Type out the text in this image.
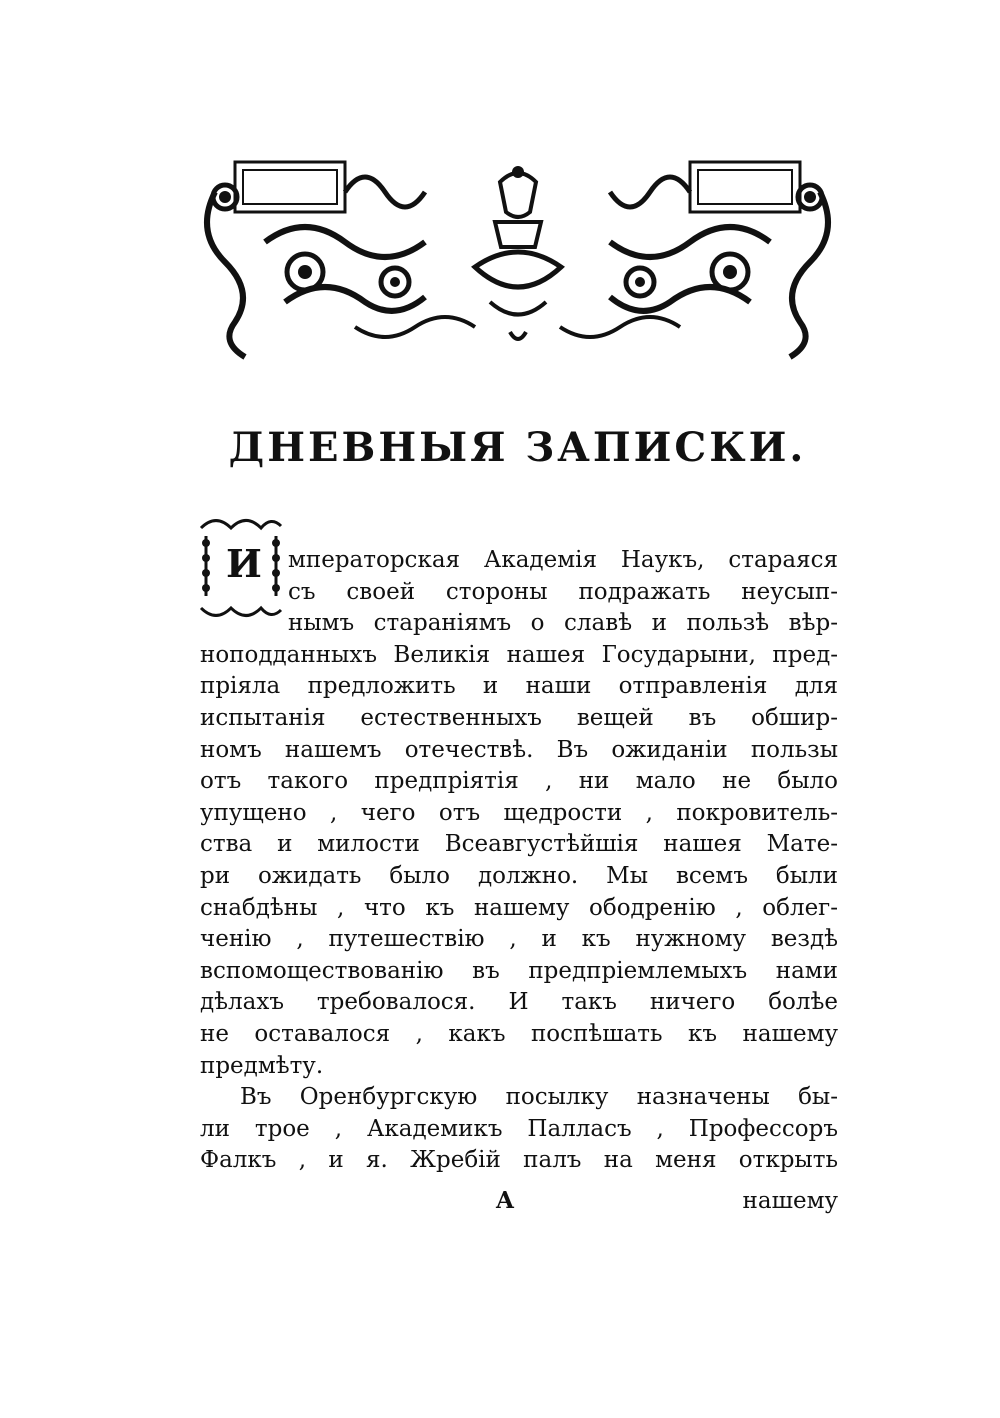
ДНЕВНЫЯ ЗАПИСКИ.
И	мператорская Академія Наукъ, стараяся
съ своей стороны подражать неусып-
нымъ стараніямъ о славѣ и пользѣ вѣр-
ноподданныхъ Великія нашея Государыни, пред-
пріяла предложить и наши отправленія для
испытанія естественныхъ вещей въ обшир-
номъ нашемъ отечествѣ. Въ ожиданіи пользы
отъ такого предпріятія , ни мало не было
упущено , чего отъ щедрости , покровитель-
ства и милости Всеавгустѣйшія нашея Мате-
ри ожидать было должно. Мы всемъ были
снабдѣны , что къ нашему ободренію , облег-
ченію , путешествію , и къ нужному вездѣ
вспомоществованію въ предпріемлемыхъ нами
дѣлахъ требовалося. И такъ ничего болѣе
не оставалося , какъ поспѣшать къ нашему
предмѣту.
Въ Оренбургскую посылку назначены бы-
ли трое , Академикъ Палласъ , Профессоръ
Фалкъ , и я. Жребій палъ на меня открыть
А	нашему
